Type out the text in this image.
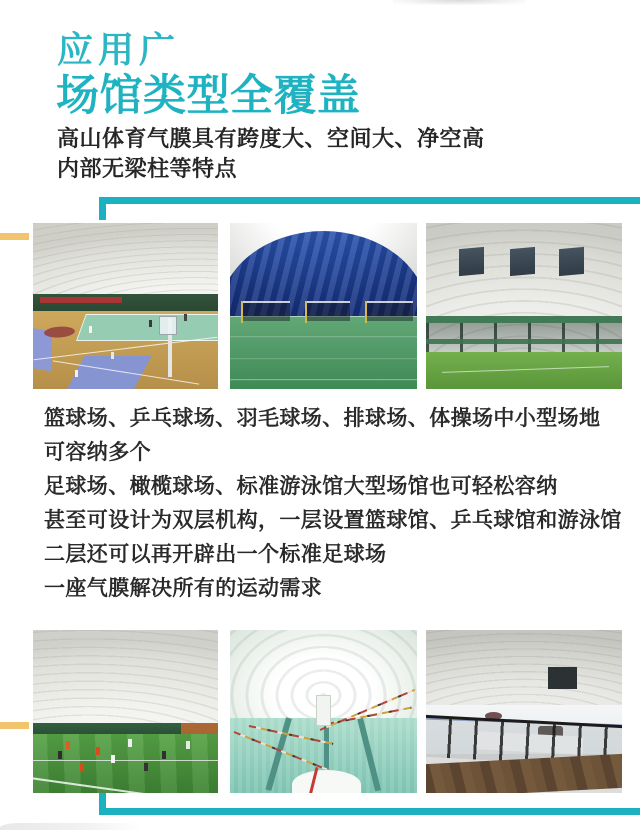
应用广
场馆类型全覆盖
高山体育气膜具有跨度大、空间大、净空高
内部无梁柱等特点
篮球场、乒乓球场、羽毛球场、排球场、体操场中小型场地
可容纳多个
足球场、橄榄球场、标准游泳馆大型场馆也可轻松容纳
甚至可设计为双层机构，一层设置篮球馆、乒乓球馆和游泳馆
二层还可以再开辟出一个标准足球场
一座气膜解决所有的运动需求
